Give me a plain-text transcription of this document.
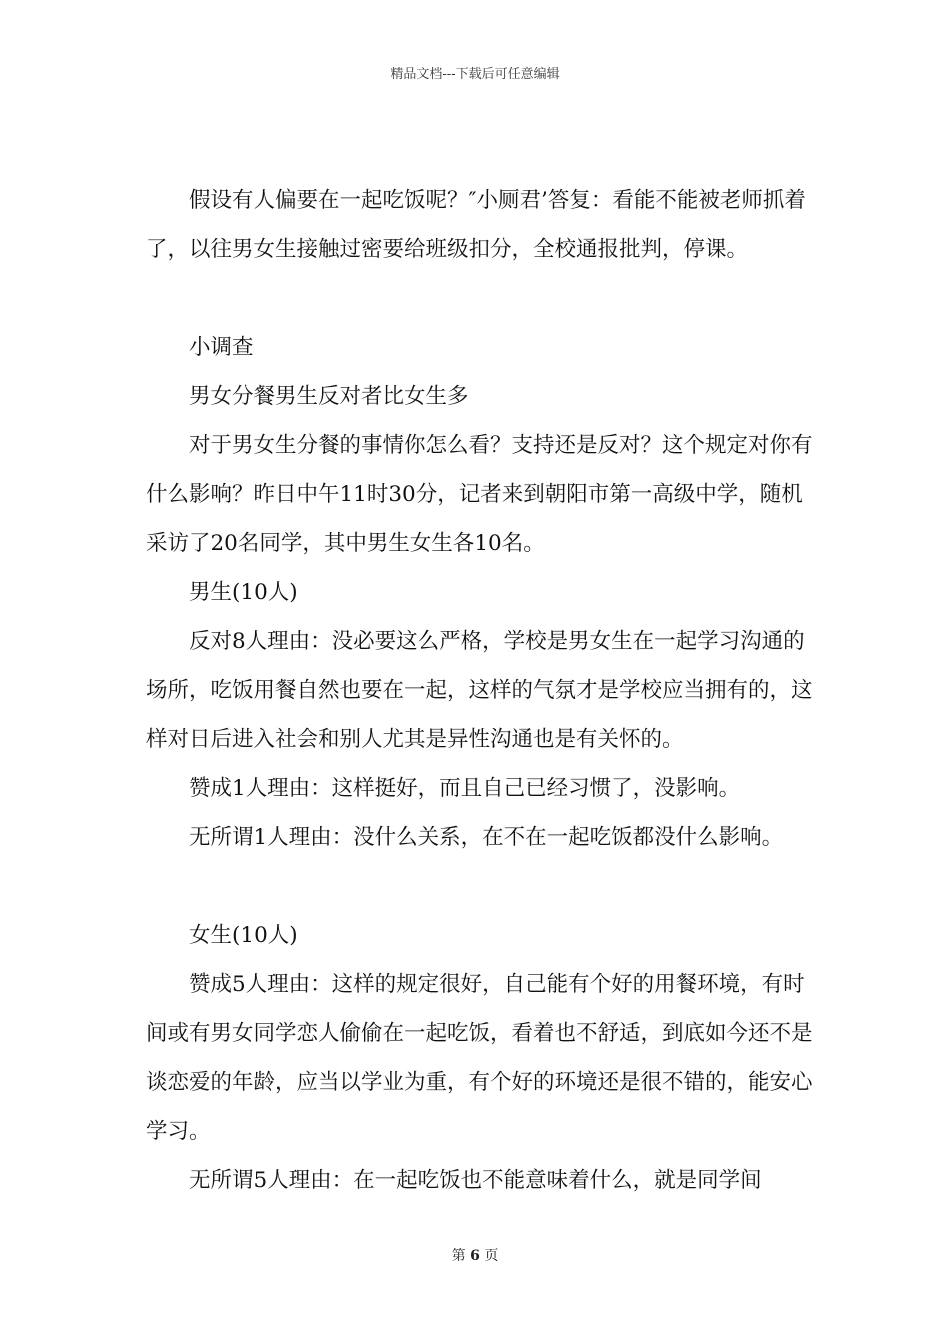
精品文档---下载后可任意编辑

假设有人偏要在一起吃饭呢？″小厕君’答复：看能不能被老师抓着了，以往男女生接触过密要给班级扣分，全校通报批判，停课。

小调查

男女分餐男生反对者比女生多

对于男女生分餐的事情你怎么看？支持还是反对？这个规定对你有什么影响？昨日中午11时30分，记者来到朝阳市第一高级中学，随机采访了20名同学，其中男生女生各10名。

男生(10人)

反对8人理由：没必要这么严格，学校是男女生在一起学习沟通的场所，吃饭用餐自然也要在一起，这样的气氛才是学校应当拥有的，这样对日后进入社会和别人尤其是异性沟通也是有关怀的。

赞成1人理由：这样挺好，而且自己已经习惯了，没影响。

无所谓1人理由：没什么关系，在不在一起吃饭都没什么影响。

女生(10人)

赞成5人理由：这样的规定很好，自己能有个好的用餐环境，有时间或有男女同学恋人偷偷在一起吃饭，看着也不舒适，到底如今还不是谈恋爱的年龄，应当以学业为重，有个好的环境还是很不错的，能安心学习。

无所谓5人理由：在一起吃饭也不能意味着什么，就是同学间

第 6 页
